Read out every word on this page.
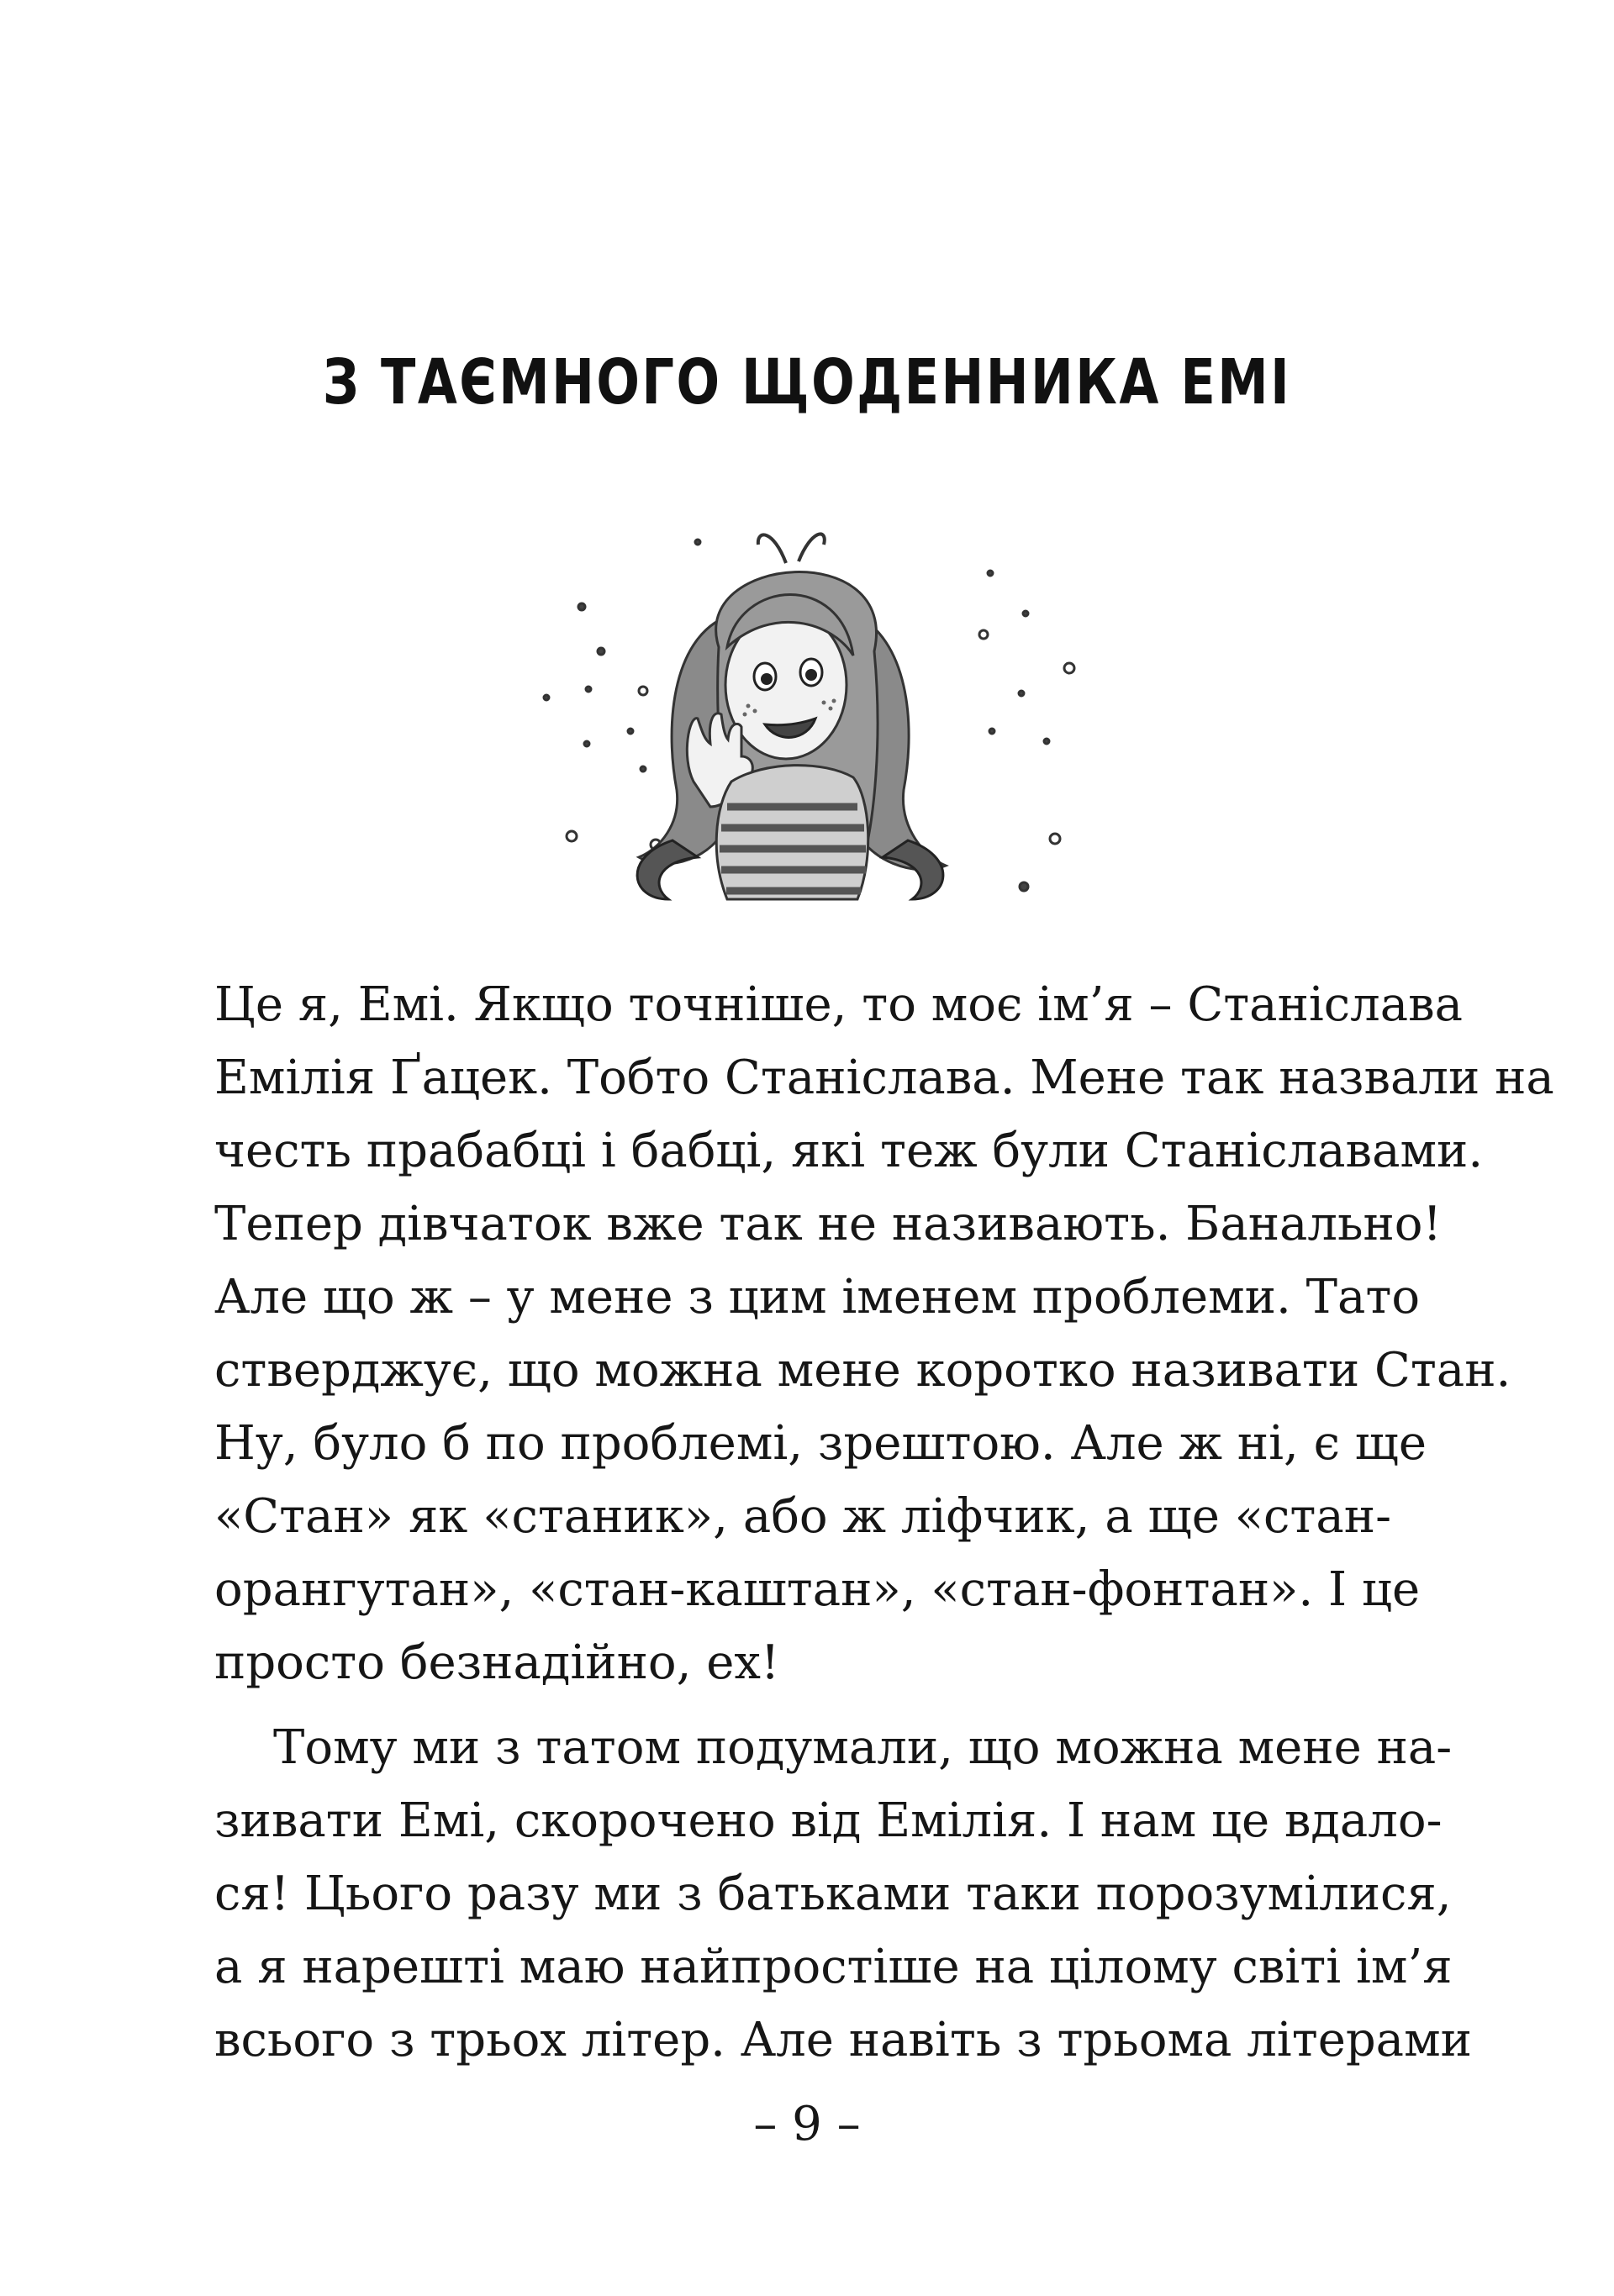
З ТАЄМНОГО ЩОДЕННИКА ЕМІ
Це я, Емі. Якщо точніше, то моє ім’я – Станіслава
Емілія Ґацек. Тобто Станіслава. Мене так назвали на
честь прабабці і бабці, які теж були Станіславами.
Тепер дівчаток вже так не називають. Банально!
Але що ж – у мене з цим іменем проблеми. Тато
стверджує, що можна мене коротко називати Стан.
Ну, було б по проблемі, зрештою. Але ж ні, є ще
«Стан» як «станик», або ж ліфчик, а ще «стан-
орангутан», «стан-каштан», «стан-фонтан». І це
просто безнадійно, ех!
Тому ми з татом подумали, що можна мене на-
зивати Емі, скорочено від Емілія. І нам це вдало-
ся! Цього разу ми з батьками таки порозумілися,
а я нарешті маю найпростіше на цілому світі ім’я
всього з трьох літер. Але навіть з трьома літерами
– 9 –
